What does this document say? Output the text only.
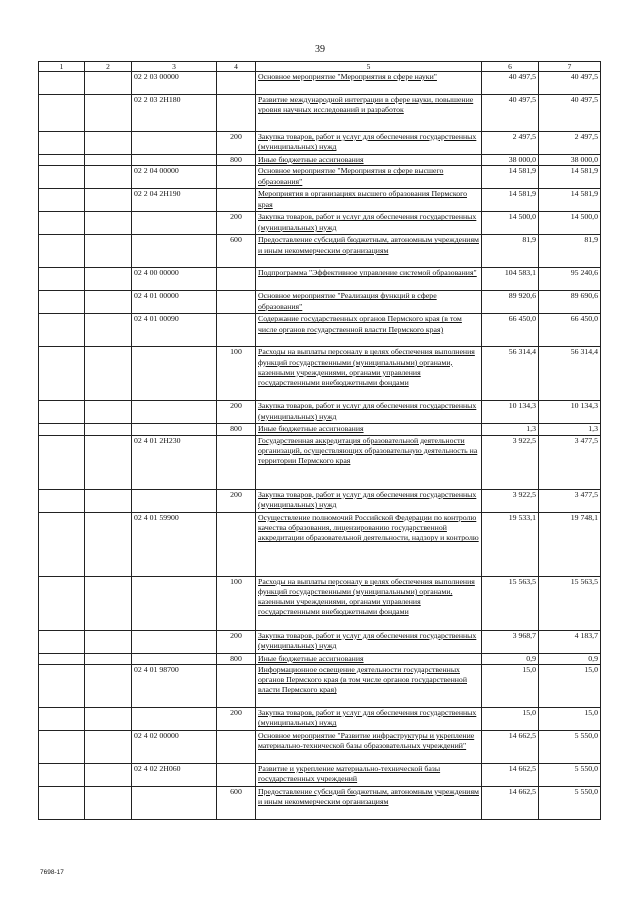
39
1	2	3	4	5	6	7
		02 2 03 00000		Основное мероприятие "Мероприятия в сфере науки"	40 497,5	40 497,5
		02 2 03 2Н180		Развитие международной интеграции в сфере науки, повышение уровня научных исследований и разработок	40 497,5	40 497,5
			200	Закупка товаров, работ и услуг для обеспечения государственных (муниципальных) нужд	2 497,5	2 497,5
			800	Иные бюджетные ассигнования	38 000,0	38 000,0
		02 2 04 00000		Основное мероприятие "Мероприятия в сфере высшего образования"	14 581,9	14 581,9
		02 2 04 2Н190		Мероприятия в организациях высшего образования Пермского края	14 581,9	14 581,9
			200	Закупка товаров, работ и услуг для обеспечения государственных (муниципальных) нужд	14 500,0	14 500,0
			600	Предоставление субсидий бюджетным, автономным учреждениям и иным некоммерческим организациям	81,9	81,9
		02 4 00 00000		Подпрограмма "Эффективное управление системой образования"	104 583,1	95 240,6
		02 4 01 00000		Основное мероприятие "Реализация функций в сфере образования"	89 920,6	89 690,6
		02 4 01 00090		Содержание государственных органов Пермского края (в том числе органов государственной власти Пермского края)	66 450,0	66 450,0
			100	Расходы на выплаты персоналу в целях обеспечения выполнения функций государственными (муниципальными) органами, казенными учреждениями, органами управления государственными внебюджетными фондами	56 314,4	56 314,4
			200	Закупка товаров, работ и услуг для обеспечения государственных (муниципальных) нужд	10 134,3	10 134,3
			800	Иные бюджетные ассигнования	1,3	1,3
		02 4 01 2Н230		Государственная аккредитация образовательной деятельности организаций, осуществляющих образовательную деятельность на территории Пермского края	3 922,5	3 477,5
			200	Закупка товаров, работ и услуг для обеспечения государственных (муниципальных) нужд	3 922,5	3 477,5
		02 4 01 59900		Осуществление полномочий Российской Федерации по контролю качества образования, лицензированию государственной аккредитации образовательной деятельности, надзору и контролю	19 533,1	19 748,1
			100	Расходы на выплаты персоналу в целях обеспечения выполнения функций государственными (муниципальными) органами, казенными учреждениями, органами управления государственными внебюджетными фондами	15 563,5	15 563,5
			200	Закупка товаров, работ и услуг для обеспечения государственных (муниципальных) нужд	3 968,7	4 183,7
			800	Иные бюджетные ассигнования	0,9	0,9
		02 4 01 98700		Информационное освещение деятельности государственных органов Пермского края (в том числе органов государственной власти Пермского края)	15,0	15,0
			200	Закупка товаров, работ и услуг для обеспечения государственных (муниципальных) нужд	15,0	15,0
		02 4 02 00000		Основное мероприятие "Развитие инфраструктуры и укрепление материально-технической базы образовательных учреждений"	14 662,5	5 550,0
		02 4 02 2Н060		Развитие и укрепление материально-технической базы государственных учреждений	14 662,5	5 550,0
			600	Предоставление субсидий бюджетным, автономным учреждениям и иным некоммерческим организациям	14 662,5	5 550,0
7698-17
